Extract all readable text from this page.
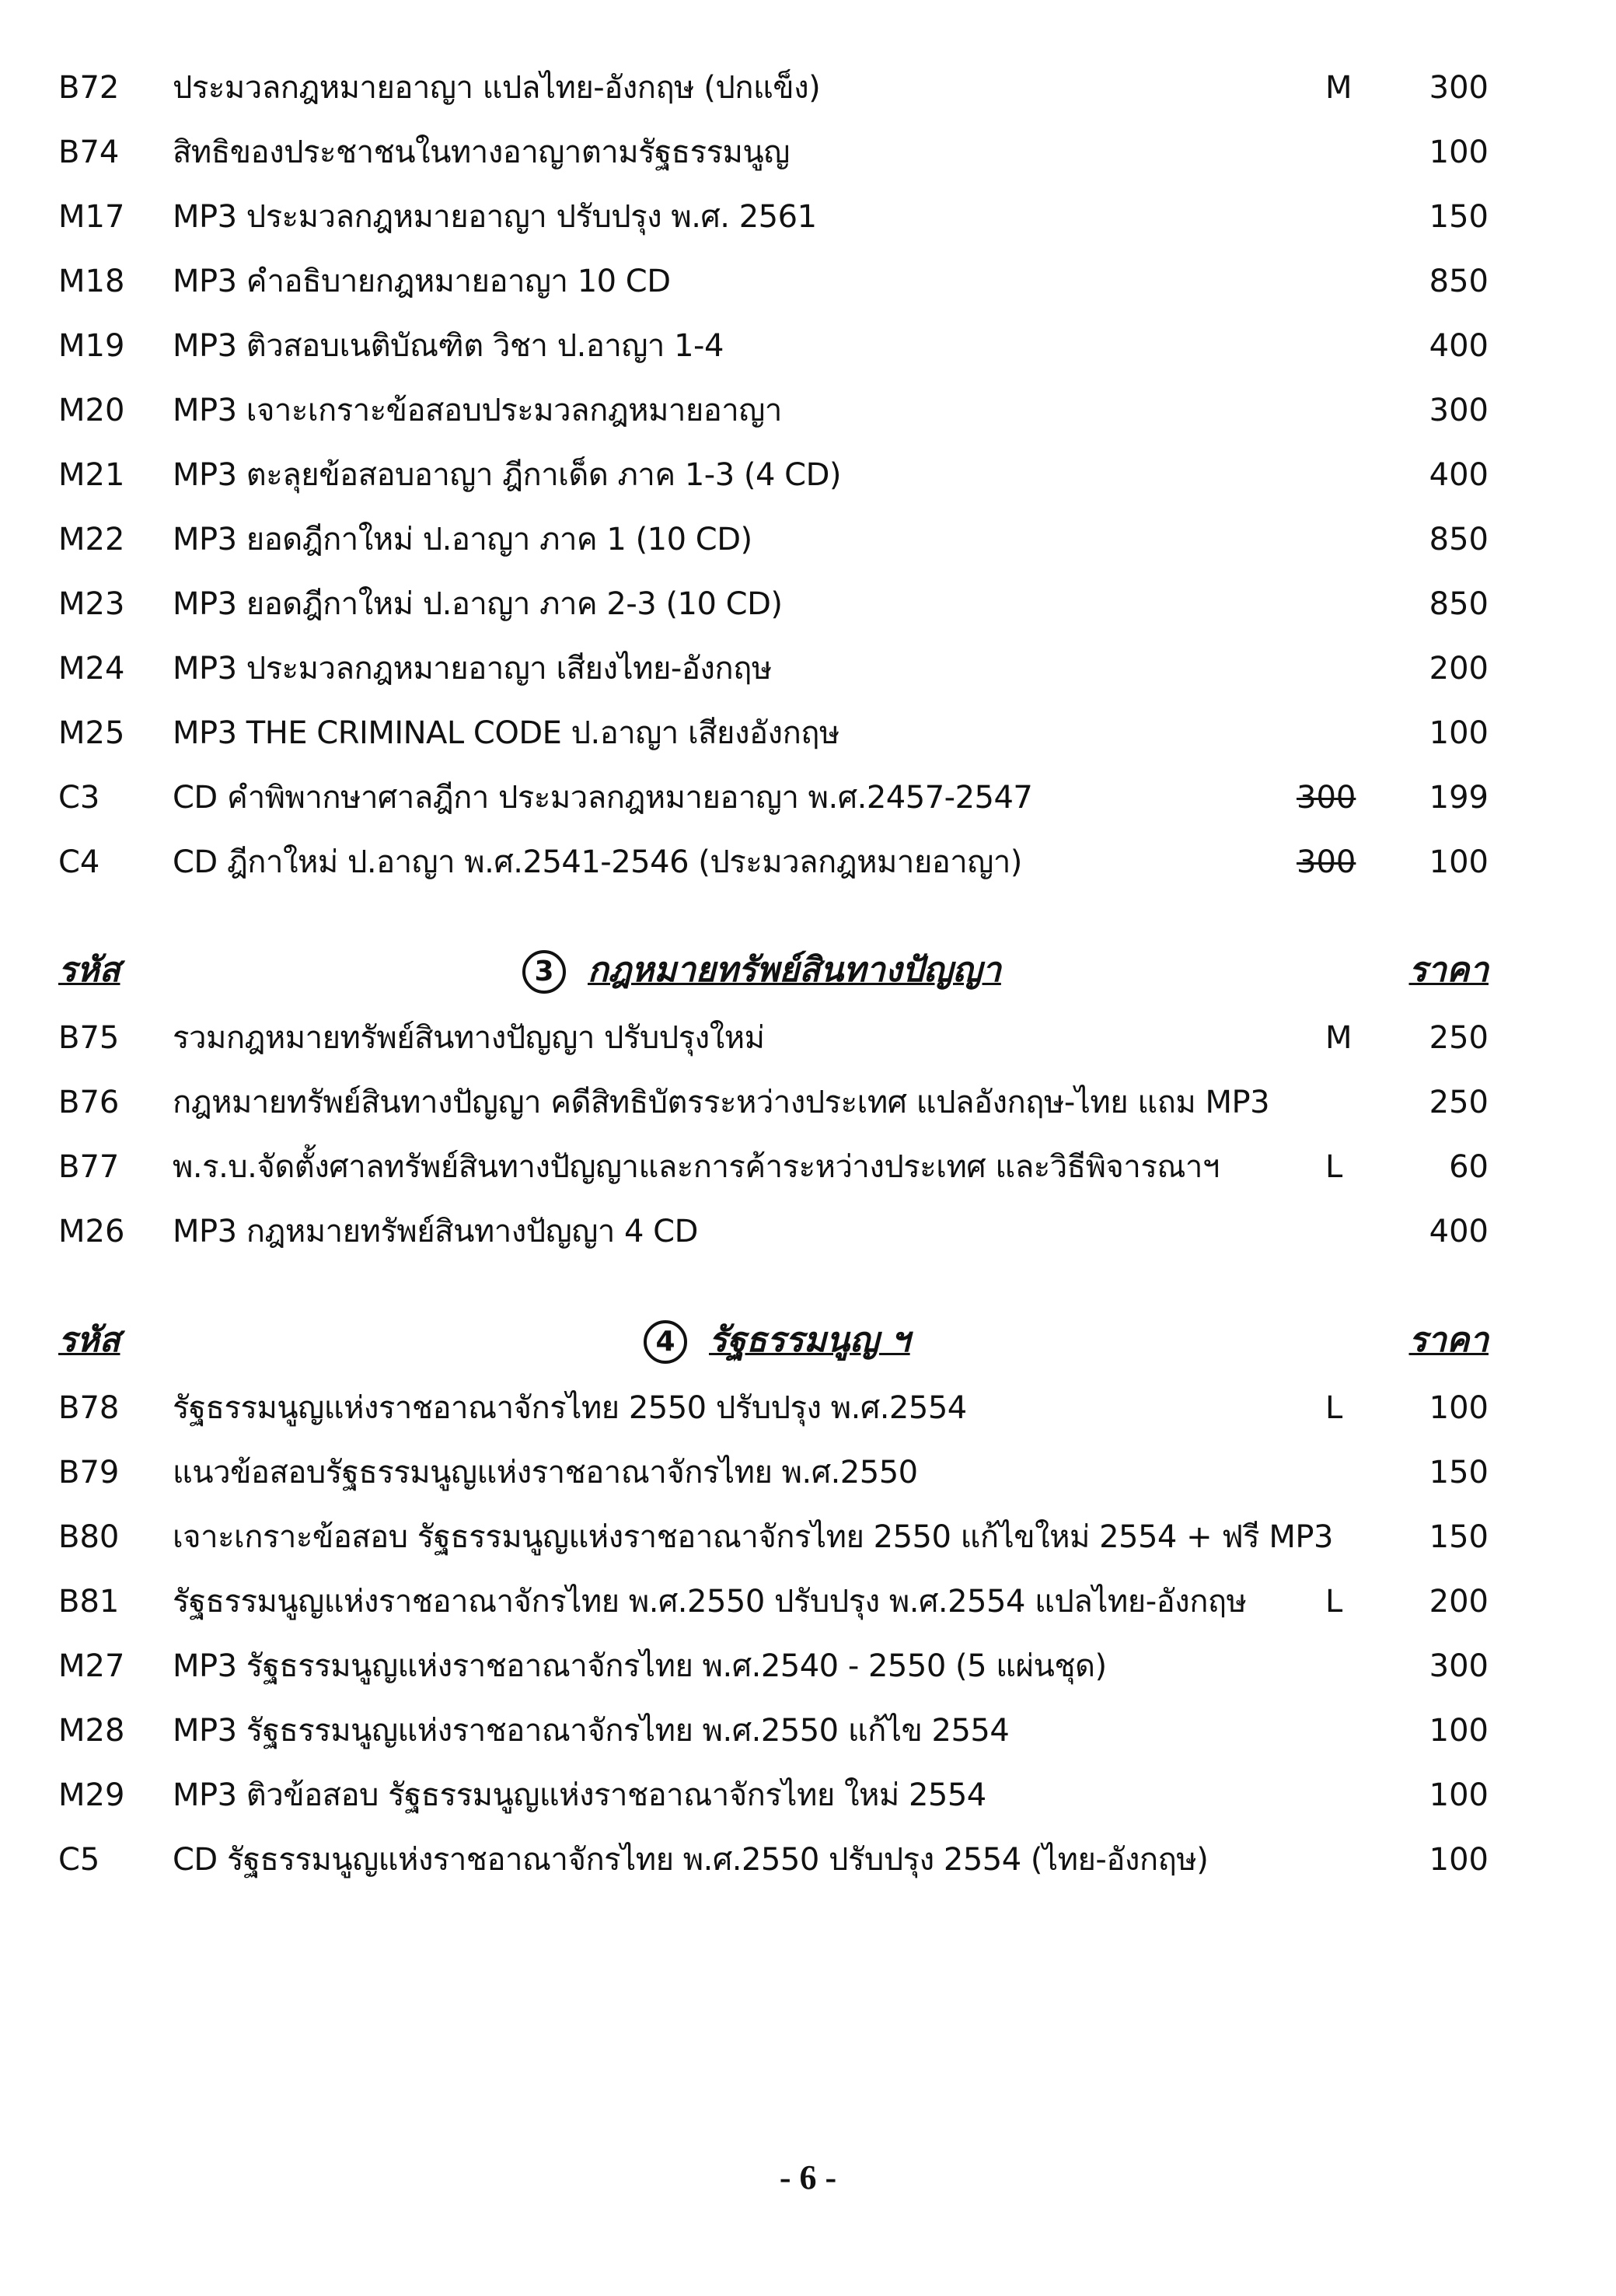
B72 ประมวลกฎหมายอาญา แปลไทย-อังกฤษ (ปกแข็ง)	M 300
B74 สิทธิของประชาชนในทางอาญาตามรัฐธรรมนูญ	100
M17 MP3 ประมวลกฎหมายอาญา ปรับปรุง พ.ศ. 2561	150
M18 MP3 คำอธิบายกฎหมายอาญา 10 CD	850
M19 MP3 ติวสอบเนติบัณฑิต วิชา ป.อาญา 1-4	400
M20 MP3 เจาะเกราะข้อสอบประมวลกฎหมายอาญา	300
M21 MP3 ตะลุยข้อสอบอาญา ฎีกาเด็ด ภาค 1-3 (4 CD)	400
M22 MP3 ยอดฎีกาใหม่ ป.อาญา ภาค 1 (10 CD)	850
M23 MP3 ยอดฎีกาใหม่ ป.อาญา ภาค 2-3 (10 CD)	850
M24 MP3 ประมวลกฎหมายอาญา เสียงไทย-อังกฤษ	200
M25 MP3 THE CRIMINAL CODE ป.อาญา เสียงอังกฤษ	100
C3 CD คำพิพากษาศาลฎีกา ประมวลกฎหมายอาญา พ.ศ.2457-2547	300 199
C4 CD ฎีกาใหม่ ป.อาญา พ.ศ.2541-2546 (ประมวลกฎหมายอาญา)	300 100
รหัส	3 กฎหมายทรัพย์สินทางปัญญา	ราคา
B75 รวมกฎหมายทรัพย์สินทางปัญญา ปรับปรุงใหม่	M 250
B76 กฎหมายทรัพย์สินทางปัญญา คดีสิทธิบัตรระหว่างประเทศ แปลอังกฤษ-ไทย แถม MP3	250
B77 พ.ร.บ.จัดตั้งศาลทรัพย์สินทางปัญญาและการค้าระหว่างประเทศ และวิธีพิจารณาฯ	L	60
M26 MP3 กฎหมายทรัพย์สินทางปัญญา 4 CD	400
รหัส	4 รัฐธรรมนูญ ฯ	ราคา
B78 รัฐธรรมนูญแห่งราชอาณาจักรไทย 2550 ปรับปรุง พ.ศ.2554	L	100
B79 แนวข้อสอบรัฐธรรมนูญแห่งราชอาณาจักรไทย พ.ศ.2550	150
B80 เจาะเกราะข้อสอบ รัฐธรรมนูญแห่งราชอาณาจักรไทย 2550 แก้ไขใหม่ 2554 + ฟรี MP3	150
B81 รัฐธรรมนูญแห่งราชอาณาจักรไทย พ.ศ.2550 ปรับปรุง พ.ศ.2554 แปลไทย-อังกฤษ	L	200
M27 MP3 รัฐธรรมนูญแห่งราชอาณาจักรไทย พ.ศ.2540 - 2550 (5 แผ่นชุด)	300
M28 MP3 รัฐธรรมนูญแห่งราชอาณาจักรไทย พ.ศ.2550 แก้ไข 2554	100
M29 MP3 ติวข้อสอบ รัฐธรรมนูญแห่งราชอาณาจักรไทย ใหม่ 2554	100
C5 CD รัฐธรรมนูญแห่งราชอาณาจักรไทย พ.ศ.2550 ปรับปรุง 2554 (ไทย-อังกฤษ)	100
- 6 -
